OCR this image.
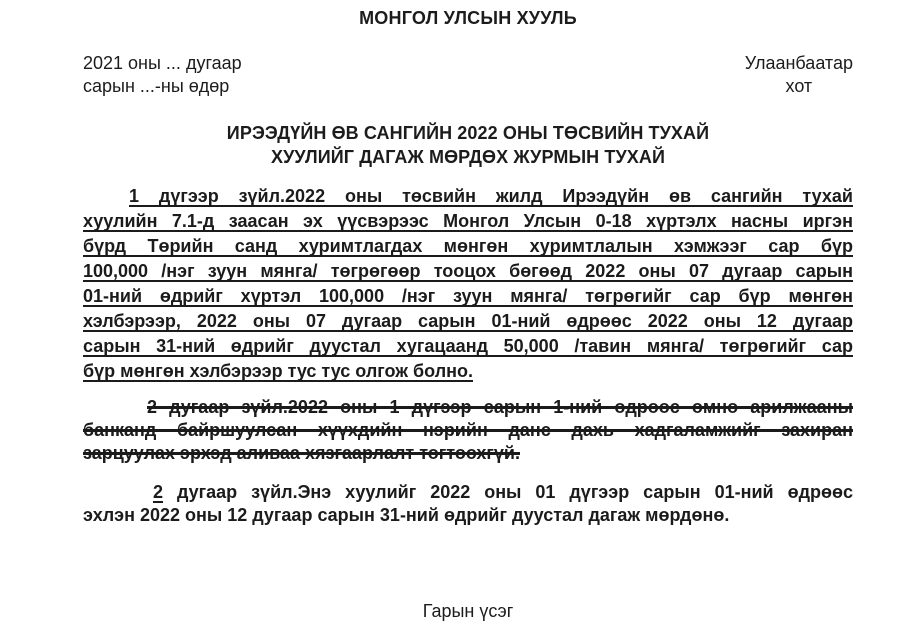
МОНГОЛ УЛСЫН ХУУЛЬ
2021 оны ... дугаар
сарын ...-ны өдөр
Улаанбаатар
хот
ИРЭЭДҮЙН ӨВ САНГИЙН 2022 ОНЫ ТӨСВИЙН ТУХАЙ
ХУУЛИЙГ ДАГАЖ МӨРДӨХ ЖУРМЫН ТУХАЙ
1 дүгээр зүйл.2022 оны төсвийн жилд Ирээдүйн өв сангийн тухай
хуулийн 7.1-д заасан эх үүсвэрээс Монгол Улсын 0-18 хүртэлх насны иргэн
бүрд Төрийн санд хуримтлагдах мөнгөн хуримтлалын хэмжээг сар бүр
100,000 /нэг зуун мянга/ төгрөгөөр тооцох бөгөөд 2022 оны 07 дугаар сарын
01-ний өдрийг хүртэл 100,000 /нэг зуун мянга/ төгрөгийг сар бүр мөнгөн
хэлбэрээр, 2022 оны 07 дугаар сарын 01-ний өдрөөс 2022 оны 12 дугаар
сарын 31-ний өдрийг дуустал хугацаанд 50,000 /тавин мянга/ төгрөгийг сар
бүр мөнгөн хэлбэрээр тус тус олгож болно.
2 дугаар зүйл.2022 оны 1 дүгээр сарын 1-ний өдрөөс өмнө арилжааны
банканд байршуулсан хүүхдийн нэрийн данс дахь хадгаламжийг захиран
зарцуулах эрхэд аливаа хязгаарлалт тогтоохгүй.
2 дугаар зүйл.Энэ хуулийг 2022 оны 01 дүгээр сарын 01-ний өдрөөс
эхлэн 2022 оны 12 дугаар сарын 31-ний өдрийг дуустал дагаж мөрдөнө.
Гарын үсэг
